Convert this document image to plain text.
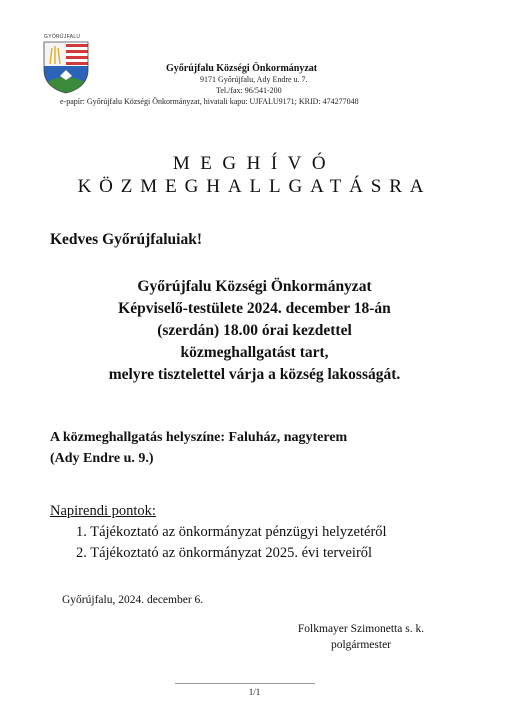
GYŐRÚJFALU
Győrújfalu Községi Önkormányzat
9171 Győrújfalu, Ady Endre u. 7.
Tel./fax: 96/541-200
e-papír: Győrújfalu Községi Önkormányzat, hivatali kapu: UJFALU9171; KRID: 474277048
MEGHÍVÓ
KÖZMEGHALLGATÁSRA
Kedves Győrújfaluiak!
Győrújfalu Községi Önkormányzat
Képviselő-testülete 2024. december 18-án
(szerdán) 18.00 órai kezdettel
közmeghallgatást tart,
melyre tisztelettel várja a község lakosságát.
A közmeghallgatás helyszíne: Faluház, nagyterem
(Ady Endre u. 9.)
Napirendi pontok:
1. Tájékoztató az önkormányzat pénzügyi helyzetéről
2. Tájékoztató az önkormányzat 2025. évi terveiről
Győrújfalu, 2024. december 6.
Folkmayer Szimonetta s. k.
polgármester
1/1
